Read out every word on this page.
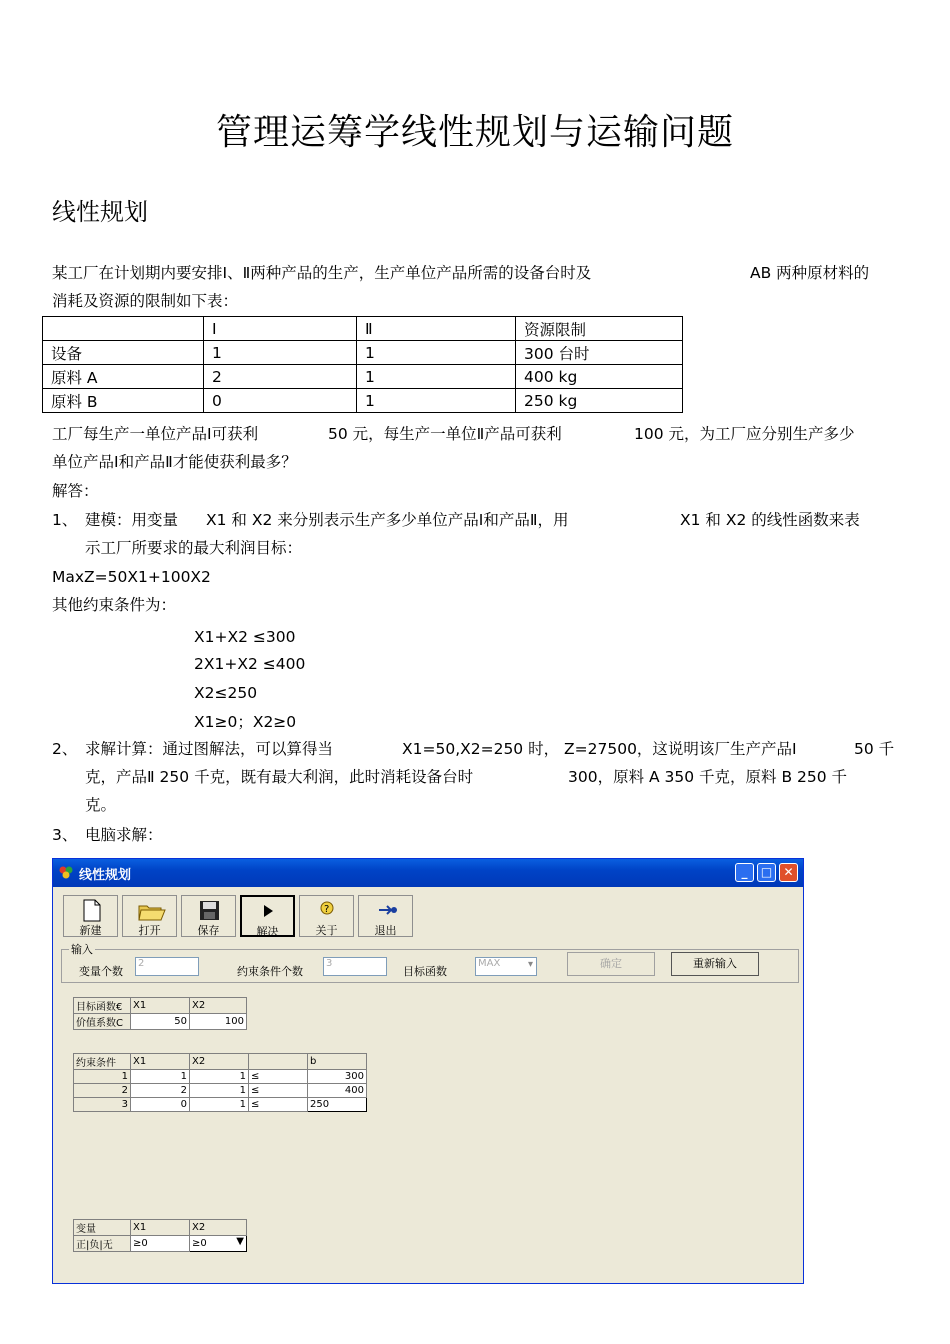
管理运筹学线性规划与运输问题
线性规划
某工厂在计划期内要安排Ⅰ、Ⅱ两种产品的生产，生产单位产品所需的设备台时及	AB 两种原材料的
消耗及资源的限制如下表：
	Ⅰ	Ⅱ	资源限制
设备	1	1	300 台时
原料 A	2	1	400 kg
原料 B	0	1	250 kg
工厂每生产一单位产品Ⅰ可获利	50 元，每生产一单位Ⅱ产品可获利	100 元，为工厂应分别生产多少
单位产品Ⅰ和产品Ⅱ才能使获利最多？
解答：
1、 建模：用变量 X1 和 X2 来分别表示生产多少单位产品Ⅰ和产品Ⅱ，用	X1 和 X2 的线性函数来表
示工厂所要求的最大利润目标：
MaxZ=50X1+100X2
其他约束条件为：
X1+X2 ≤300
2X1+X2 ≤400
X2≤250
X1≥0；X2≥0
2、 求解计算：通过图解法，可以算得当	X1=50,X2=250 时， Z=27500，这说明该厂生产产品Ⅰ	50 千
克，产品Ⅱ 250 千克，既有最大利润，此时消耗设备台时	300，原料 A 350 千克，原料 B 250 千
克。
3、 电脑求解：
线性规划	_	□ ✕
新建	打开	保存	解决
?
关于	退出
输入
变量个数
2
约束条件个数
3
目标函数
MAX	▾	确定	重新输入
目标函数€	X1	X2
价值系数C	50	100
约束条件	X1	X2		b
1	1	1	≤	300
2	2	1	≤	400
3	0	1	≤	250
变量	X1	X2
正|负|无	≥0	≥0 ▼
